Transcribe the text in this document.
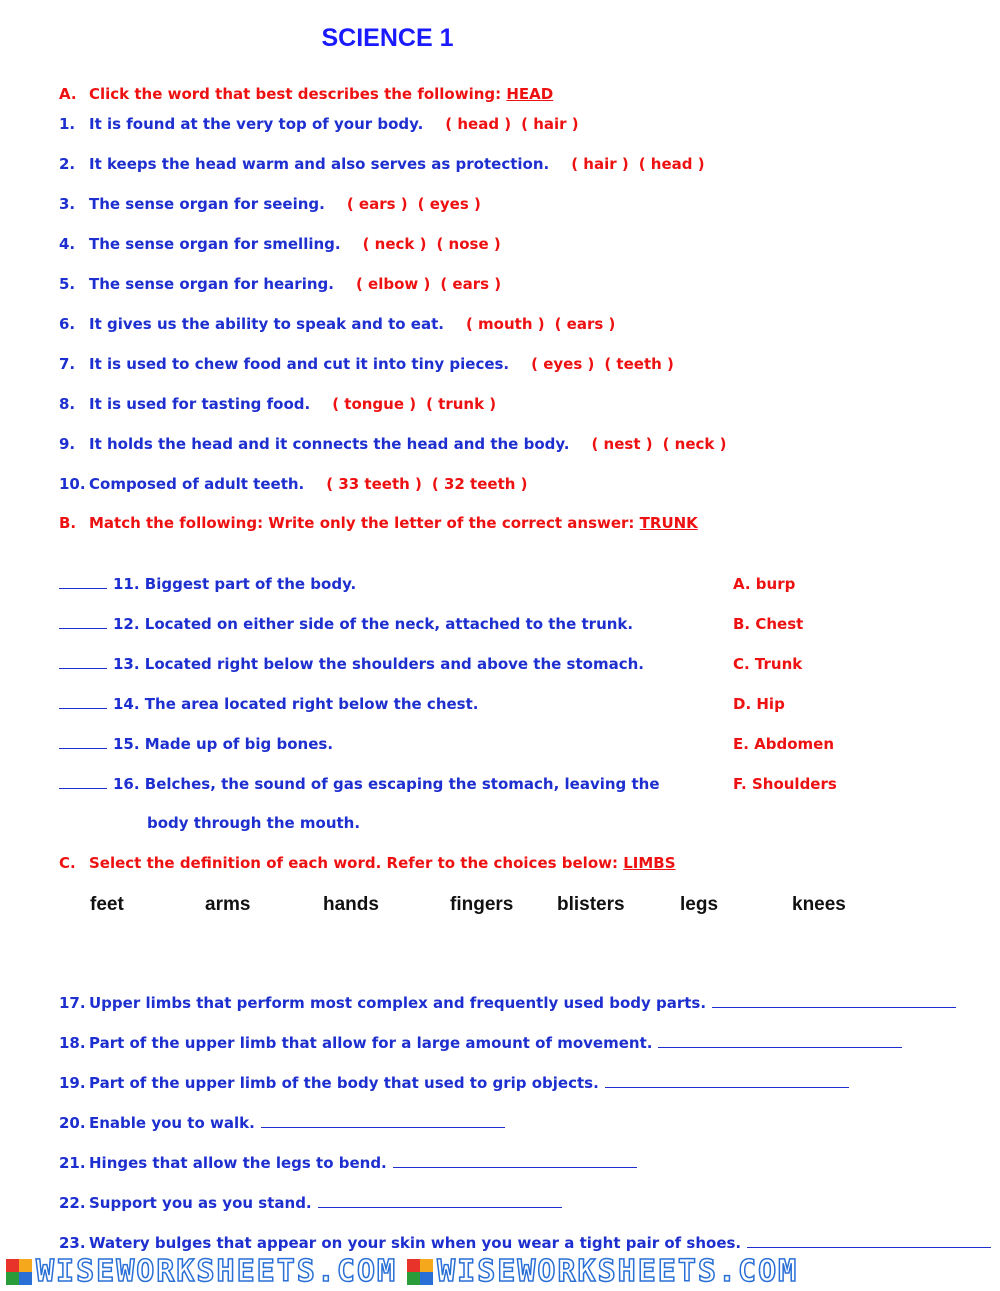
SCIENCE 1
A. Click the word that best describes the following: HEAD
1. It is found at the very top of your body. ( head ) ( hair )
2. It keeps the head warm and also serves as protection. ( hair ) ( head )
3. The sense organ for seeing. ( ears ) ( eyes )
4. The sense organ for smelling. ( neck ) ( nose )
5. The sense organ for hearing. ( elbow ) ( ears )
6. It gives us the ability to speak and to eat. ( mouth ) ( ears )
7. It is used to chew food and cut it into tiny pieces. ( eyes ) ( teeth )
8. It is used for tasting food. ( tongue ) ( trunk )
9. It holds the head and it connects the head and the body. ( nest ) ( neck )
10. Composed of adult teeth. ( 33 teeth ) ( 32 teeth )
B. Match the following: Write only the letter of the correct answer: TRUNK
11. Biggest part of the body.	A. burp
12. Located on either side of the neck, attached to the trunk.	B. Chest
13. Located right below the shoulders and above the stomach.	C. Trunk
14. The area located right below the chest.	D. Hip
15. Made up of big bones.	E. Abdomen
16. Belches, the sound of gas escaping the stomach, leaving the	F. Shoulders
body through the mouth.
C. Select the definition of each word. Refer to the choices below: LIMBS
feet	arms	hands	fingers blisters	legs	knees
17. Upper limbs that perform most complex and frequently used body parts.
18. Part of the upper limb that allow for a large amount of movement.
19. Part of the upper limb of the body that used to grip objects.
20. Enable you to walk.
21. Hinges that allow the legs to bend.
22. Support you as you stand.
23. Watery bulges that appear on your skin when you wear a tight pair of shoes.
WISEWORKSHEETS.COM WISEWORKSHEETS.COM
